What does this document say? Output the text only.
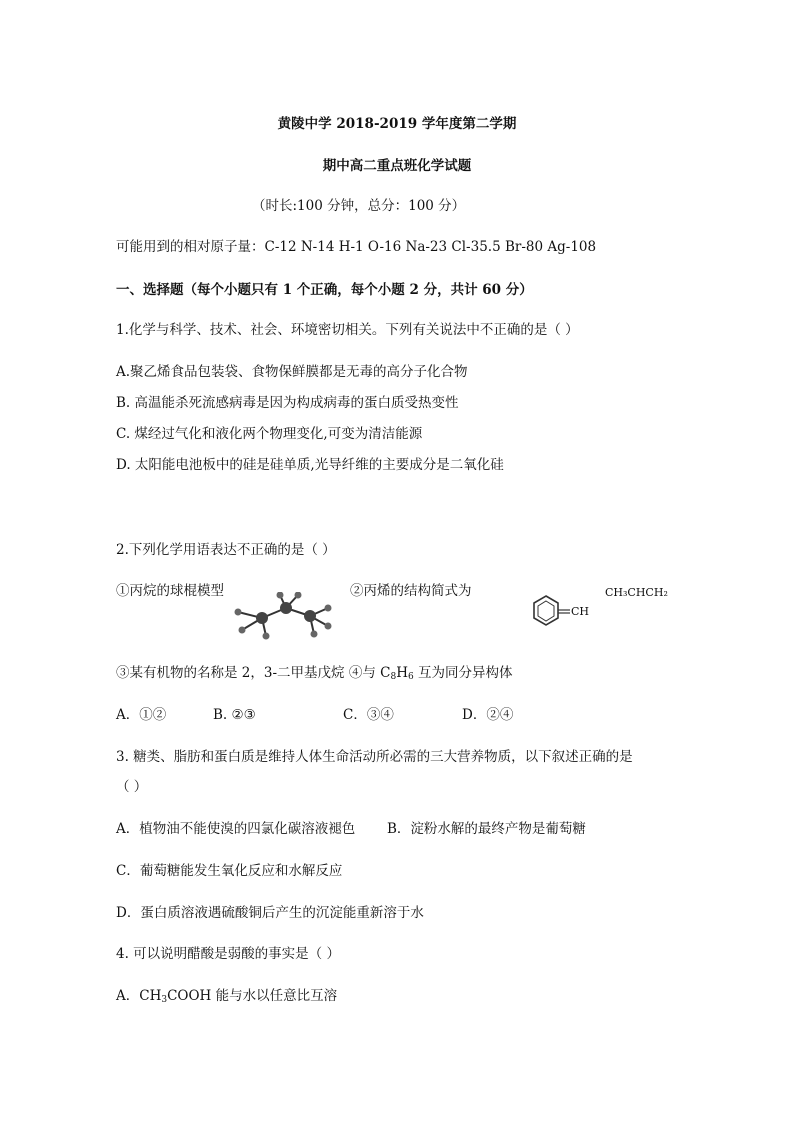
黄陵中学 2018-2019 学年度第二学期
期中高二重点班化学试题
（时长:100 分钟，总分：100 分）
可能用到的相对原子量：C-12 N-14 H-1 O-16 Na-23 Cl-35.5 Br-80 Ag-108
一、选择题（每个小题只有 1 个正确，每个小题 2 分，共计 60 分）
1.化学与科学、技术、社会、环境密切相关。下列有关说法中不正确的是（ ）
A.聚乙烯食品包装袋、食物保鲜膜都是无毒的高分子化合物
B. 高温能杀死流感病毒是因为构成病毒的蛋白质受热变性
C. 煤经过气化和液化两个物理变化,可变为清洁能源
D. 太阳能电池板中的硅是硅单质,光导纤维的主要成分是二氧化硅
2.下列化学用语表达不正确的是（ ）
①丙烷的球棍模型	②丙烯的结构简式为
CH
CH₃CHCH₂
③某有机物的名称是 2，3-二甲基戊烷 ④与 $C_8H_6$ 互为同分异构体
A．①②	B. ②③	C．③④	D．②④
3. 糖类、脂肪和蛋白质是维持人体生命活动所必需的三大营养物质，以下叙述正确的是
（ ）
A．植物油不能使溴的四氯化碳溶液褪色 B．淀粉水解的最终产物是葡萄糖
C．葡萄糖能发生氧化反应和水解反应
D．蛋白质溶液遇硫酸铜后产生的沉淀能重新溶于水
4. 可以说明醋酸是弱酸的事实是（ ）
A．$CH_3COOH$ 能与水以任意比互溶
